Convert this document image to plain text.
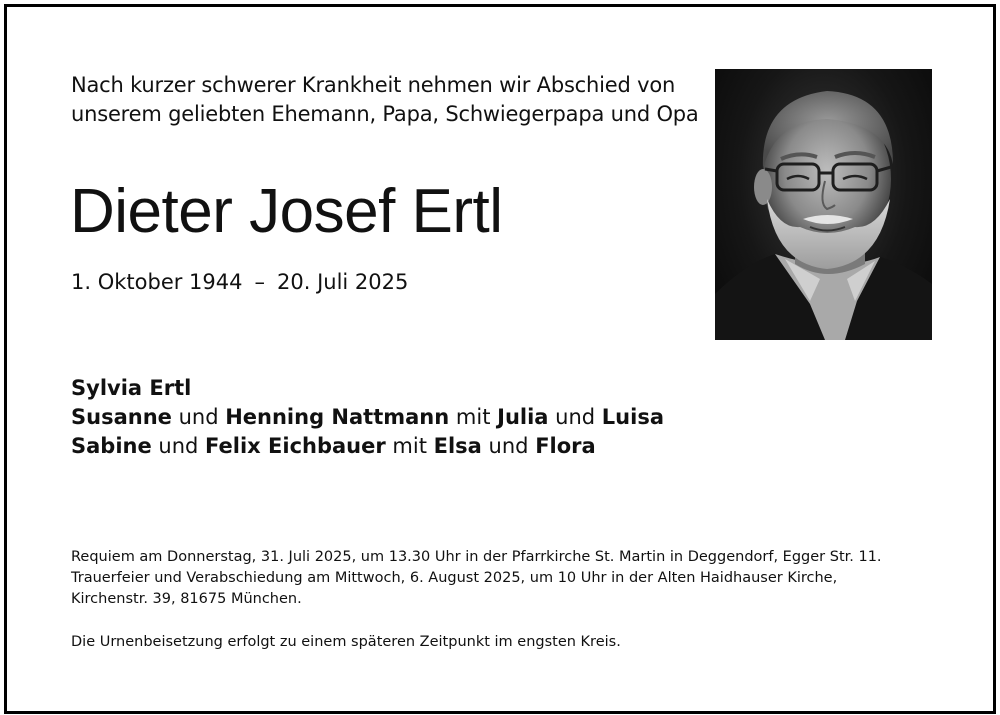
Nach kurzer schwerer Krankheit nehmen wir Abschied von
unserem geliebten Ehemann, Papa, Schwiegerpapa und Opa
Dieter Josef Ertl
1. Oktober 1944 – 20. Juli 2025
Sylvia Ertl
Susanne und Henning Nattmann mit Julia und Luisa
Sabine und Felix Eichbauer mit Elsa und Flora
Requiem am Donnerstag, 31. Juli 2025, um 13.30 Uhr in der Pfarrkirche St. Martin in Deggendorf, Egger Str. 11.
Trauerfeier und Verabschiedung am Mittwoch, 6. August 2025, um 10 Uhr in der Alten Haidhauser Kirche,
Kirchenstr. 39, 81675 München.
Die Urnenbeisetzung erfolgt zu einem späteren Zeitpunkt im engsten Kreis.
